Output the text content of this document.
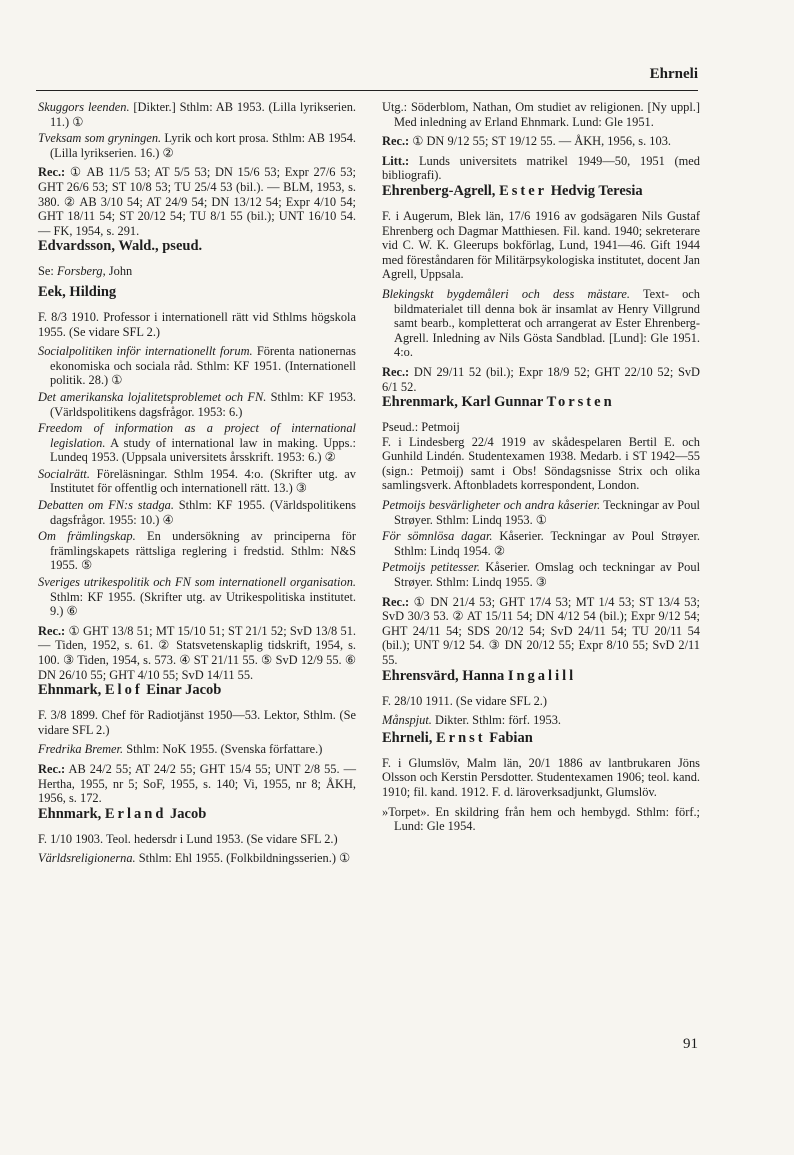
Ehrneli

Skuggors leenden. [Dikter.] Sthlm: AB 1953. (Lilla lyrikserien. 11.) ①

Tveksam som gryningen. Lyrik och kort prosa. Sthlm: AB 1954. (Lilla lyrikserien. 16.) ②

Rec.: ① AB 11/5 53; AT 5/5 53; DN 15/6 53; Expr 27/6 53; GHT 26/6 53; ST 10/8 53; TU 25/4 53 (bil.). — BLM, 1953, s. 380. ② AB 3/10 54; AT 24/9 54; DN 13/12 54; Expr 4/10 54; GHT 18/11 54; ST 20/12 54; TU 8/1 55 (bil.); UNT 16/10 54. — FK, 1954, s. 291.

Edvardsson, Wald., pseud.

Se: Forsberg, John

Eek, Hilding

F. 8/3 1910. Professor i internationell rätt vid Sthlms högskola 1955. (Se vidare SFL 2.)

Socialpolitiken inför internationellt forum. Förenta nationernas ekonomiska och sociala råd. Sthlm: KF 1951. (Internationell politik. 28.) ①

Det amerikanska lojalitetsproblemet och FN. Sthlm: KF 1953. (Världspolitikens dagsfrågor. 1953: 6.)

Freedom of information as a project of international legislation. A study of international law in making. Upps.: Lundeq 1953. (Uppsala universitets årsskrift. 1953: 6.) ②

Socialrätt. Föreläsningar. Sthlm 1954. 4:o. (Skrifter utg. av Institutet för offentlig och internationell rätt. 13.) ③

Debatten om FN:s stadga. Sthlm: KF 1955. (Världspolitikens dagsfrågor. 1955: 10.) ④

Om främlingskap. En undersökning av principerna för främlingskapets rättsliga reglering i fredstid. Sthlm: N&S 1955. ⑤

Sveriges utrikespolitik och FN som internationell organisation. Sthlm: KF 1955. (Skrifter utg. av Utrikespolitiska institutet. 9.) ⑥

Rec.: ① GHT 13/8 51; MT 15/10 51; ST 21/1 52; SvD 13/8 51. — Tiden, 1952, s. 61. ② Statsvetenskaplig tidskrift, 1954, s. 100. ③ Tiden, 1954, s. 573. ④ ST 21/11 55. ⑤ SvD 12/9 55. ⑥ DN 26/10 55; GHT 4/10 55; SvD 14/11 55.

Ehnmark, Elof Einar Jacob

F. 3/8 1899. Chef för Radiotjänst 1950—53. Lektor, Sthlm. (Se vidare SFL 2.)

Fredrika Bremer. Sthlm: NoK 1955. (Svenska författare.)

Rec.: AB 24/2 55; AT 24/2 55; GHT 15/4 55; UNT 2/8 55. — Hertha, 1955, nr 5; SoF, 1955, s. 140; Vi, 1955, nr 8; ÅKH, 1956, s. 172.

Ehnmark, Erland Jacob

F. 1/10 1903. Teol. hedersdr i Lund 1953. (Se vidare SFL 2.)

Världsreligionerna. Sthlm: Ehl 1955. (Folkbildningsserien.) ①

Utg.: Söderblom, Nathan, Om studiet av religionen. [Ny uppl.] Med inledning av Erland Ehnmark. Lund: Gle 1951.

Rec.: ① DN 9/12 55; ST 19/12 55. — ÅKH, 1956, s. 103.

Litt.: Lunds universitets matrikel 1949—50, 1951 (med bibliografi).

Ehrenberg-Agrell, Ester Hedvig Teresia

F. i Augerum, Blek län, 17/6 1916 av godsägaren Nils Gustaf Ehrenberg och Dagmar Matthiesen. Fil. kand. 1940; sekreterare vid C. W. K. Gleerups bokförlag, Lund, 1941—46. Gift 1944 med föreståndaren för Militärpsykologiska institutet, docent Jan Agrell, Uppsala.

Blekingskt bygdemåleri och dess mästare. Text- och bildmaterialet till denna bok är insamlat av Henry Villgrund samt bearb., kompletterat och arrangerat av Ester Ehrenberg-Agrell. Inledning av Nils Gösta Sandblad. [Lund]: Gle 1951. 4:o.

Rec.: DN 29/11 52 (bil.); Expr 18/9 52; GHT 22/10 52; SvD 6/1 52.

Ehrenmark, Karl Gunnar Torsten

Pseud.: Petmoij
F. i Lindesberg 22/4 1919 av skådespelaren Bertil E. och Gunhild Lindén. Studentexamen 1938. Medarb. i ST 1942—55 (sign.: Petmoij) samt i Obs! Söndagsnisse Strix och olika samlingsverk. Aftonbladets korrespondent, London.

Petmoijs besvärligheter och andra kåserier. Teckningar av Poul Strøyer. Sthlm: Lindq 1953. ①

För sömnlösa dagar. Kåserier. Teckningar av Poul Strøyer. Sthlm: Lindq 1954. ②

Petmoijs petitesser. Kåserier. Omslag och teckningar av Poul Strøyer. Sthlm: Lindq 1955. ③

Rec.: ① DN 21/4 53; GHT 17/4 53; MT 1/4 53; ST 13/4 53; SvD 30/3 53. ② AT 15/11 54; DN 4/12 54 (bil.); Expr 9/12 54; GHT 24/11 54; SDS 20/12 54; SvD 24/11 54; TU 20/11 54 (bil.); UNT 9/12 54. ③ DN 20/12 55; Expr 8/10 55; SvD 2/11 55.

Ehrensvärd, Hanna Ingalill

F. 28/10 1911. (Se vidare SFL 2.)

Månspjut. Dikter. Sthlm: förf. 1953.

Ehrneli, Ernst Fabian

F. i Glumslöv, Malm län, 20/1 1886 av lantbrukaren Jöns Olsson och Kerstin Persdotter. Studentexamen 1906; teol. kand. 1910; fil. kand. 1912. F. d. läroverksadjunkt, Glumslöv.

»Torpet». En skildring från hem och hembygd. Sthlm: förf.; Lund: Gle 1954.

91
